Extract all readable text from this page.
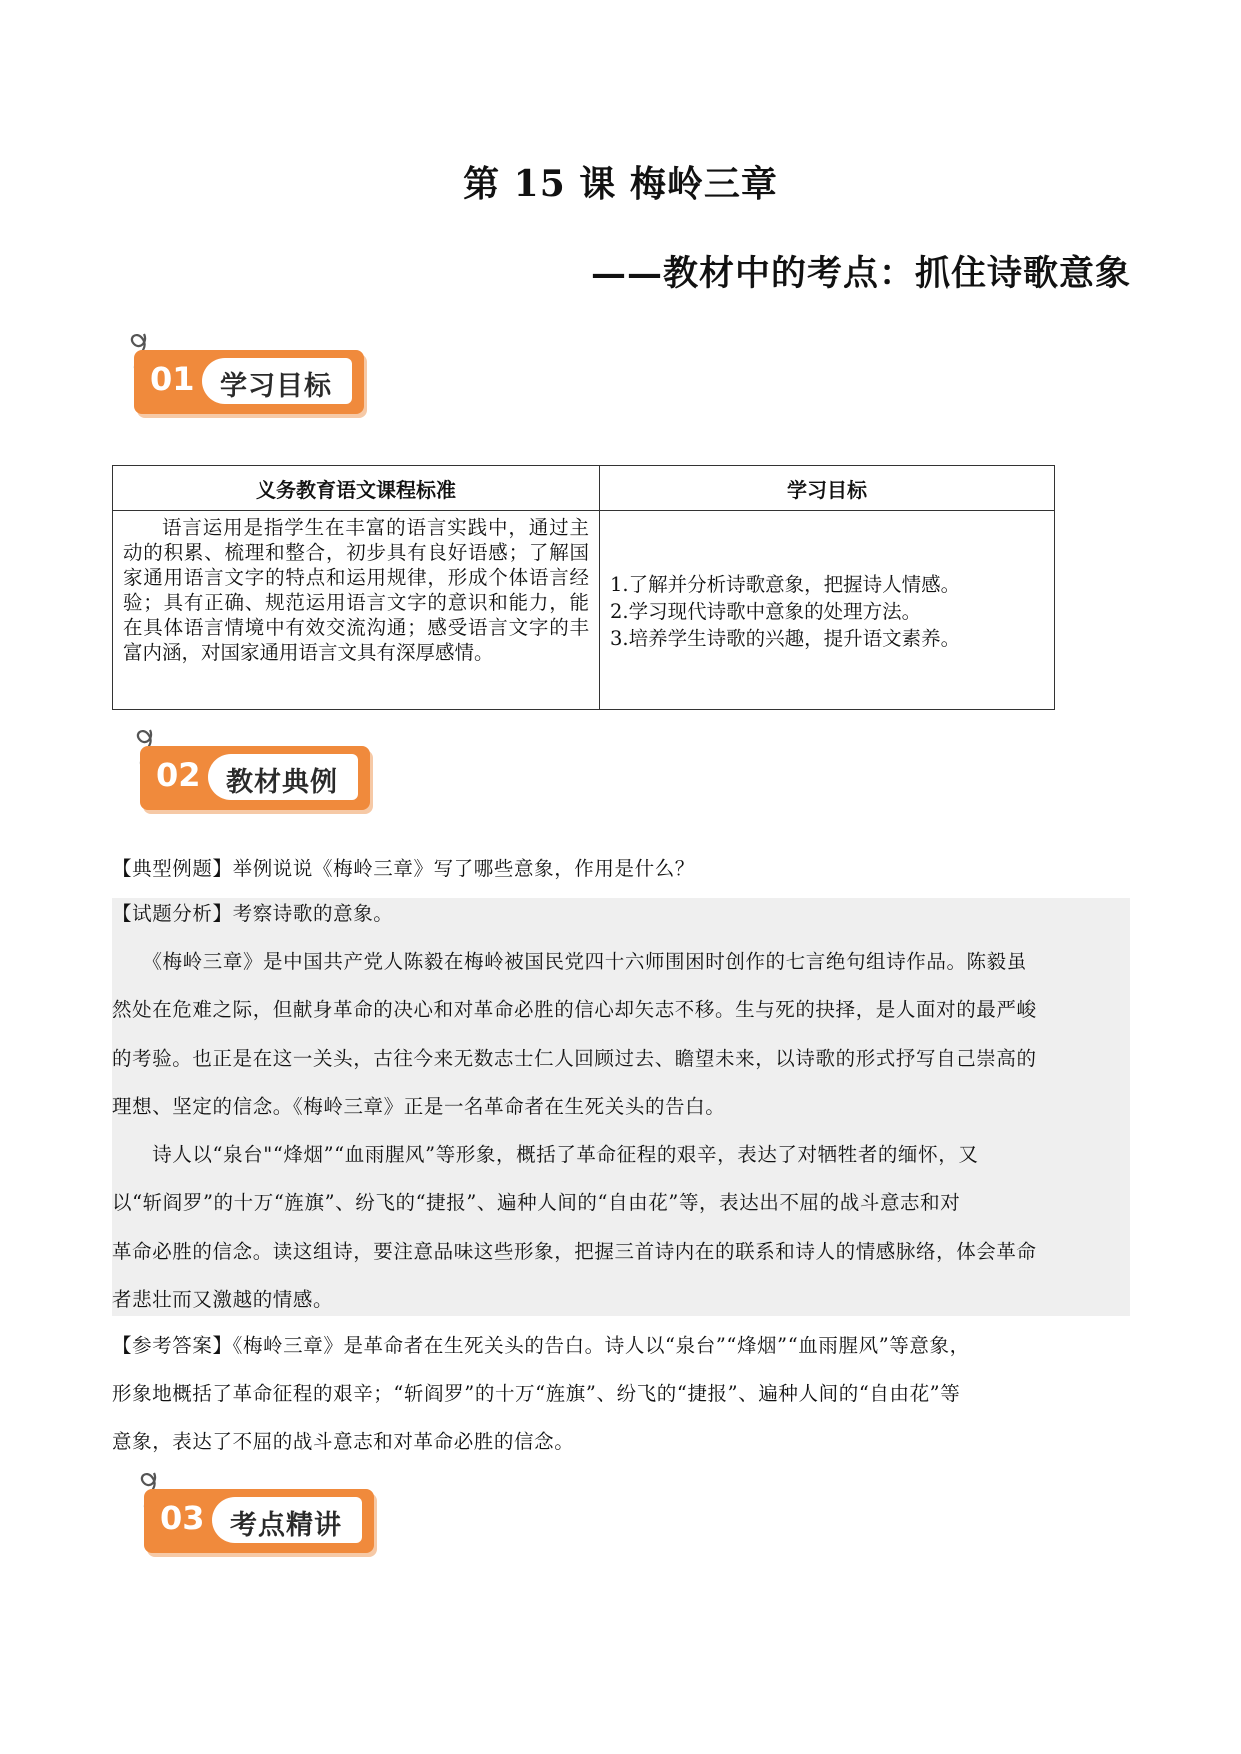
第 15 课 梅岭三章
——教材中的考点：抓住诗歌意象
01 学习目标
义务教育语文课程标准	学习目标

语言运用是指学生在丰富的语言实践中，通过主动的积累、梳理和整合，初步具有良好语感；了解国家通用语言文字的特点和运用规律，形成个体语言经验；具有正确、规范运用语言文字的意识和能力，能在具体语言情境中有效交流沟通；感受语言文字的丰富内涵，对国家通用语言文具有深厚感情。	1.了解并分析诗歌意象，把握诗人情感。
2.学习现代诗歌中意象的处理方法。
3.培养学生诗歌的兴趣，提升语文素养。
02 教材典例
【典型例题】举例说说《梅岭三章》写了哪些意象，作用是什么？
【试题分析】考察诗歌的意象。
　　《梅岭三章》是中国共产党人陈毅在梅岭被国民党四十六师围困时创作的七言绝句组诗作品。陈毅虽
然处在危难之际，但献身革命的决心和对革命必胜的信心却矢志不移。生与死的抉择，是人面对的最严峻
的考验。也正是在这一关头，古往今来无数志士仁人回顾过去、瞻望未来，以诗歌的形式抒写自己崇高的
理想、坚定的信念。《梅岭三章》正是一名革命者在生死关头的告白。
　　诗人以“泉台"“烽烟”“血雨腥风”等形象，概括了革命征程的艰辛，表达了对牺牲者的缅怀，又
以“斩阎罗”的十万“旌旗”、纷飞的“捷报”、遍种人间的“自由花”等，表达出不屈的战斗意志和对
革命必胜的信念。读这组诗，要注意品味这些形象，把握三首诗内在的联系和诗人的情感脉络，体会革命
者悲壮而又激越的情感。
【参考答案】《梅岭三章》是革命者在生死关头的告白。诗人以“泉台”“烽烟”“血雨腥风”等意象，
形象地概括了革命征程的艰辛；“斩阎罗”的十万“旌旗”、纷飞的“捷报”、遍种人间的“自由花”等
意象，表达了不屈的战斗意志和对革命必胜的信念。
03 考点精讲
